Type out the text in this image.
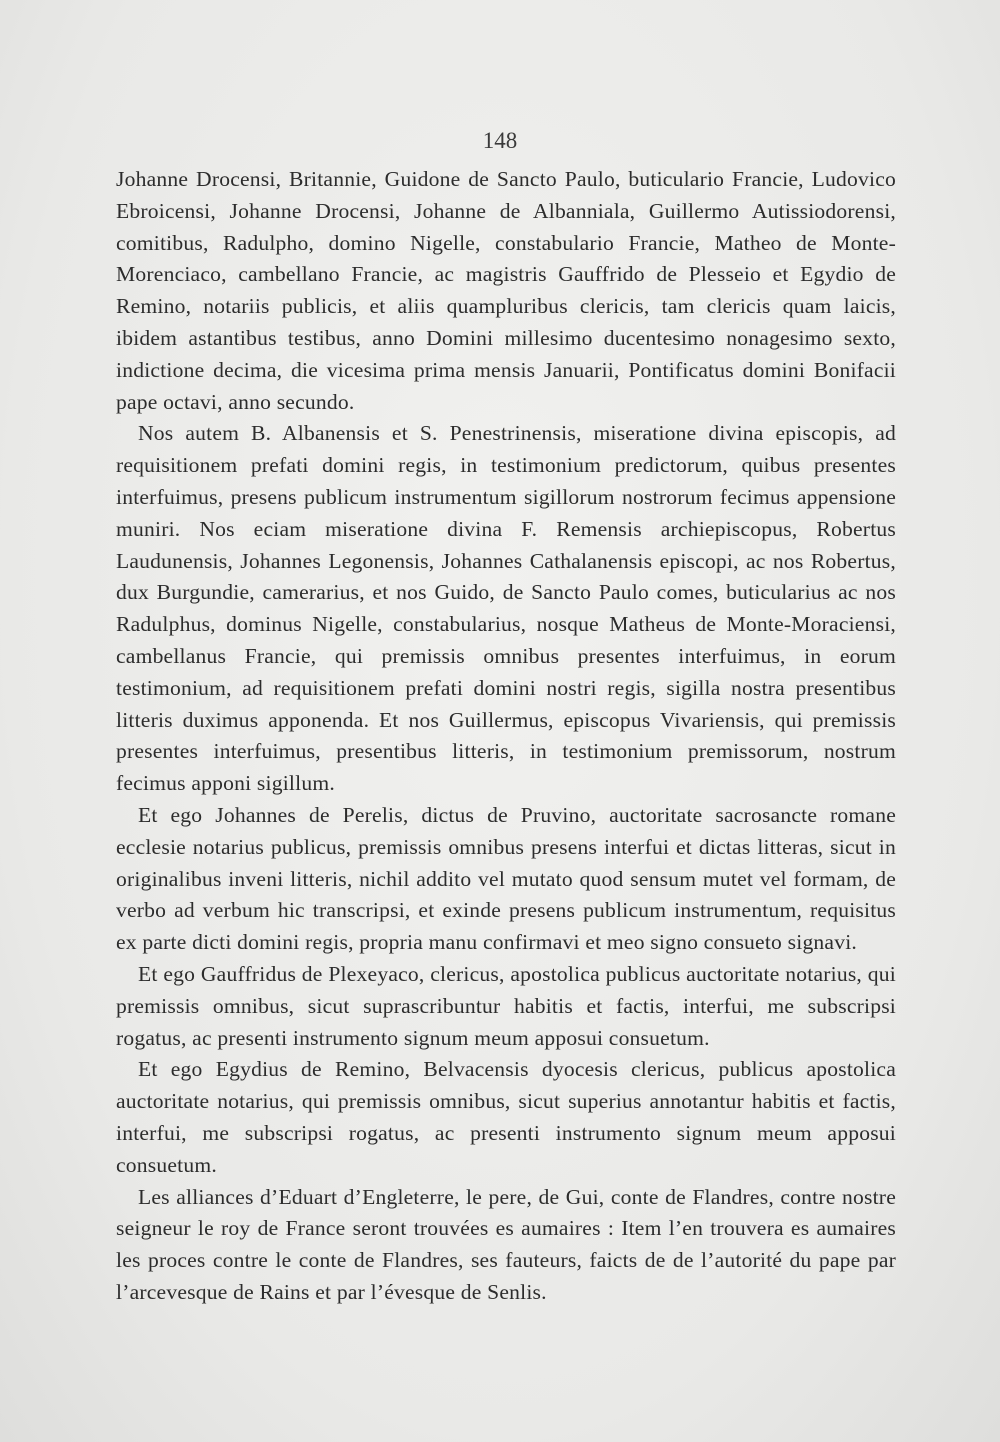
148

Johanne Drocensi, Britannie, Guidone de Sancto Paulo, buticulario Francie, Ludovico Ebroicensi, Johanne Drocensi, Johanne de Albanniala, Guillermo Autissiodorensi, comitibus, Radulpho, domino Nigelle, constabulario Francie, Matheo de Monte-Morenciaco, cambellano Francie, ac magistris Gauffrido de Plesseio et Egydio de Remino, notariis publicis, et aliis quampluribus clericis, tam clericis quam laicis, ibidem astantibus testibus, anno Domini millesimo ducentesimo nonagesimo sexto, indictione decima, die vicesima prima mensis Januarii, Pontificatus domini Bonifacii pape octavi, anno secundo.

Nos autem B. Albanensis et S. Penestrinensis, miseratione divina episcopis, ad requisitionem prefati domini regis, in testimonium predictorum, quibus presentes interfuimus, presens publicum instrumentum sigillorum nostrorum fecimus appensione muniri. Nos eciam miseratione divina F. Remensis archiepiscopus, Robertus Laudunensis, Johannes Legonensis, Johannes Cathalanensis episcopi, ac nos Robertus, dux Burgundie, camerarius, et nos Guido, de Sancto Paulo comes, buticularius ac nos Radulphus, dominus Nigelle, constabularius, nosque Matheus de Monte-Moraciensi, cambellanus Francie, qui premissis omnibus presentes interfuimus, in eorum testimonium, ad requisitionem prefati domini nostri regis, sigilla nostra presentibus litteris duximus apponenda. Et nos Guillermus, episcopus Vivariensis, qui premissis presentes interfuimus, presentibus litteris, in testimonium premissorum, nostrum fecimus apponi sigillum.

Et ego Johannes de Perelis, dictus de Pruvino, auctoritate sacrosancte romane ecclesie notarius publicus, premissis omnibus presens interfui et dictas litteras, sicut in originalibus inveni litteris, nichil addito vel mutato quod sensum mutet vel formam, de verbo ad verbum hic transcripsi, et exinde presens publicum instrumentum, requisitus ex parte dicti domini regis, propria manu confirmavi et meo signo consueto signavi.

Et ego Gauffridus de Plexeyaco, clericus, apostolica publicus auctoritate notarius, qui premissis omnibus, sicut suprascribuntur habitis et factis, interfui, me subscripsi rogatus, ac presenti instrumento signum meum apposui consuetum.

Et ego Egydius de Remino, Belvacensis dyocesis clericus, publicus apostolica auctoritate notarius, qui premissis omnibus, sicut superius annotantur habitis et factis, interfui, me subscripsi rogatus, ac presenti instrumento signum meum apposui consuetum.

Les alliances d’Eduart d’Engleterre, le pere, de Gui, conte de Flandres, contre nostre seigneur le roy de France seront trouvées es aumaires : Item l’en trouvera es aumaires les proces contre le conte de Flandres, ses fauteurs, faicts de de l’autorité du pape par l’arcevesque de Rains et par l’évesque de Senlis.
